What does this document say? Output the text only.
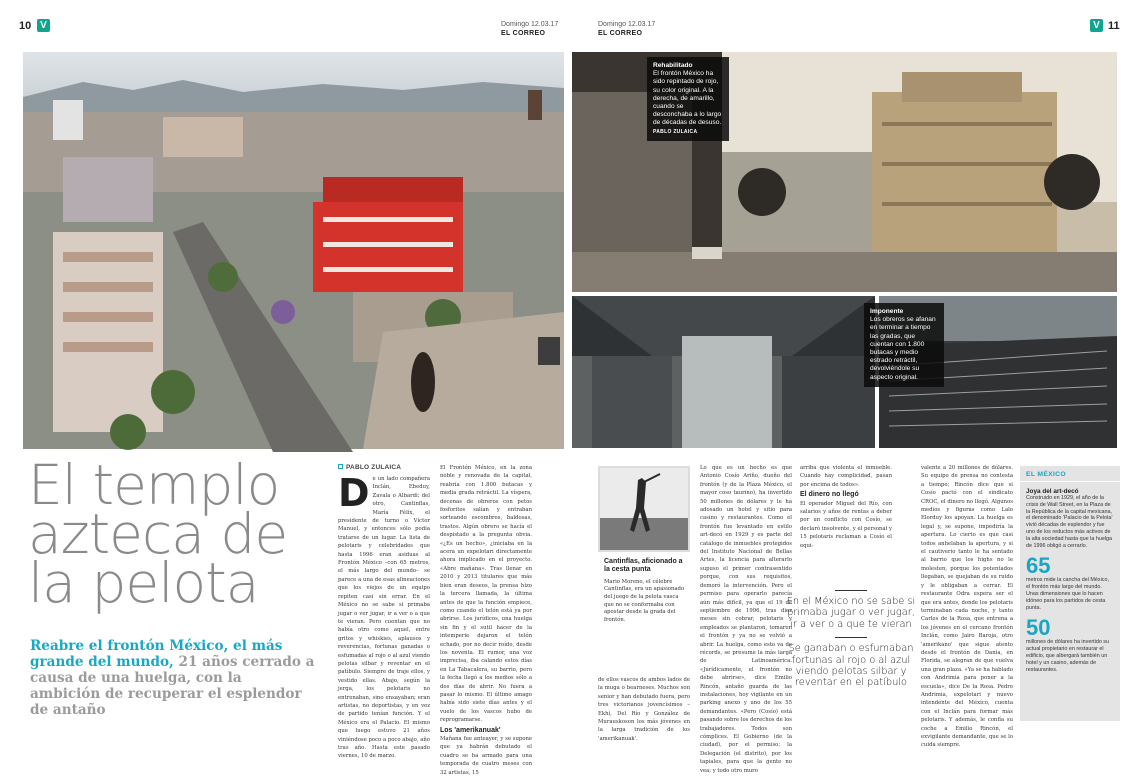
10 V	Domingo 12.03.17
EL CORREO
Domingo 12.03.17
EL CORREO
V 11
Rehabilitado
El frontón México ha sido repintado de rojo, su color original. A la derecha, de amarillo, cuando se desconchaba a lo largo de décadas de desuso. PABLO ZULAICA
Imponente
Los obreros se afanan en terminar a tiempo las gradas, que cuentan con 1.800 butacas y medio estrado retráctil, devolviéndole su aspecto original.
El templo azteca de la pelota
Reabre el frontón México, el más grande del mundo, 21 años cerrado a causa de una huelga, con la ambición de recuperar el esplendor de antaño
PABLO ZULAICA
D e un lado compañera Inclán, Ebeduy, Zavala o Albardi; del otro, Cantinflas, María Félix, el presidente de turno o Víctor Manuel, y entonces sólo podía tratarse de un lugar. La lista de pelotaris y celebridades que hasta 1996 eran asiduas al Frontón México –con 65 metros, el más largo del mundo– se parece a una de esas alineaciones que los viejos de un equipo repiten casi sin errar. En el México no se sabe si primaba jugar o ver jugar, ir a ver o a que te vieran. Pero cuentan que no había otro como aquel, entre gritos y whiskies, aplausos y reverencias, fortunas ganadas o esfumadas al rojo o al azul viendo pelotas silbar y reventar en el patíbulo. Siempre de traje ellos, y vestido ellas. Abajo, según la jerga, los pelotaris no entrenaban, sino ensayaban; eran artistas, no deportistas, y en vez de partido tenían función. Y el México era el Palacio. El mismo que luego estuvo 21 años viniéndose poco a poco abajo, año tras año. Hasta este pasado viernes, 10 de marzo.
El Frontón México, en la zona noble y renovada de la capital, reabría con 1.800 butacas y media grada retráctil. La víspera, decenas de obreros con petos fosforitos salían y entraban sorteando escombros, baldosas, trastos. Algún obrero se hacía el despistado a la pregunta obvia. «¿Es un hecho», ¿iniciaba en la acera un expelotari directamente ahora implicado en el proyecto. «Abre mañana». Tras llenar en 2010 y 2013 titulares que más bien eran deseos, la prensa hizo la tercera llamada, la última antes de que la función empiece, como cuando el telón está ya por abrirse. Los jurídicos, una huelga sin fin y el sutil hacer de la intemperie dejaron el telón echado, por no decir roído, desde los noventa. El rumor, una voz imprecisa, iba calando estos días en La Tabacalera, su barrio, pero la fecha llegó a los medios sólo a dos días de abrir. No fuera a pasar lo mismo. El último amago había sido siete días antes y el vuelo de los vascos hubo de reprogramarse.
Los 'amerikanuak'
Mañana fue anteayer, y se supone que ya habrán debutado el cuadro se ha armado para una temporada de cuatro meses con 32 artistas, 15
Cantinflas, aficionado a la cesta punta
Mario Moreno, el célebre Cantinflas, era un apasionado del juego de la pelota vasca que no se conformaba con apostar desde la grada del frontón.
de ellos vascos de ambos lados de la muga o bearneses. Muchos son senior y han debutado fuera, pero tres victorianos jovencísimos –Ekhi, Del Río y González de Murauskoson los más jóvenes en la larga tradición de los 'amerikanuak'.
Lo que es un hecho es que Antonio Cosío Ariño, dueño del frontón (y de la Plaza México, el mayor coso taurino), ha invertido 50 millones de dólares y le ha adosado un hotel y sitio para casino y restaurantes. Como el frontón fue levantado en estilo art-decó en 1929 y es parte del catálogo de inmuebles protegidos del Instituto Nacional de Bellas Artes, la licencia para alterarlo supuso el primer contrasentido porque, con sus requisitos, demoró la intervención. Pero el permiso para operarlo parecía aún más difícil, ya que el 19 de septiembre de 1996, tras diez meses sin cobrar, pelotaris y empleados se plantaron, tomaron el frontón y ya no se volvió a abrir. La huelga, como esto va de récords, se presume la más larga de Latinoamérica. «Jurídicamente, el frontón no debe abrirse», dice Emilio Rincón, antaño guarda de las instalaciones, hoy vigilante en un parking anexo y uno de los 55 demandantes. «Pero (Cosío) está pasando sobre los derechos de los trabajadores. Todos son cómplices. El Gobierno (de la ciudad), por el permiso; la Delegación (el distrito), por los tapiales, para que la gente no vea; y todo otro muro
arriba que violenta el inmueble. Cuando hay complicidad, pasan por encima de todos».
El dinero no llegó
El operador Miguel del Río, con salarios y años de rentas a deber por un conflicto con Cosío, se declaró insolvente, y el personal y 15 pelotaris reclaman a Cosío el equi-
En el México no se sabe si primaba jugar o ver jugar, ir a ver o a que te vieran
Se ganaban o esfumaban fortunas al rojo o al azul viendo pelotas silbar y reventar en el patíbulo
valente a 20 millones de dólares. Su equipo de prensa no contesta a tiempo; Rincón dice que si Cosío pactó con el sindicato CROC, el dinero no llegó. Algunos medios y figuras como Lalo Elorduy los apoyan. La huelga es legal y, se supone, impediría la apertura. Lo cierto es que casi todos anhelaban la apertura, y si el cautiverio tanto le ha sentado al barrio que los highs no le molesten, porque los potentados llegaban, se quejaban de su ruido y le obligaban a cerrar. El restaurante Odra espera ser el que era antes, donde los pelotaris terminaban cada noche, y tanto Carlos de la Rosa, que entrena a los jóvenes en el cercano frontón Inclán, como Jairo Baroja, otro 'amerikano' que sigue atento desde el frontón de Dania, en Florida, se alegran de que vuelva una gran plaza. «Ya se ha hablado con Andrimia para poner a la escuela», dice De la Rosa. Pedro Andrimia, expelotari y nuevo intendente del México, cuenta con el Inclán para formar más pelotaris. Y además, le confía su coche a Emilio Rincón, el exvigilante demandante, que se lo cuida siempre.
EL MÉXICO
Joya del art-decó
Construido en 1929, el año de la crisis de Wall Street, en la Plaza de la República de la capital mexicana, el denominado 'Palacio de la Pelota' vivió décadas de esplendor y fue uno de los reductos más activos de la alta sociedad hasta que la huelga de 1996 obligó a cerrarlo.
65
metros mide la cancha del México, el frontón más largo del mundo. Unas dimensiones que lo hacen idóneo para los partidos de cesta punta.
50
millones de dólares ha invertido su actual propietario en restaurar el edificio, que albergará también un hotel y un casino, además de restaurantes.
